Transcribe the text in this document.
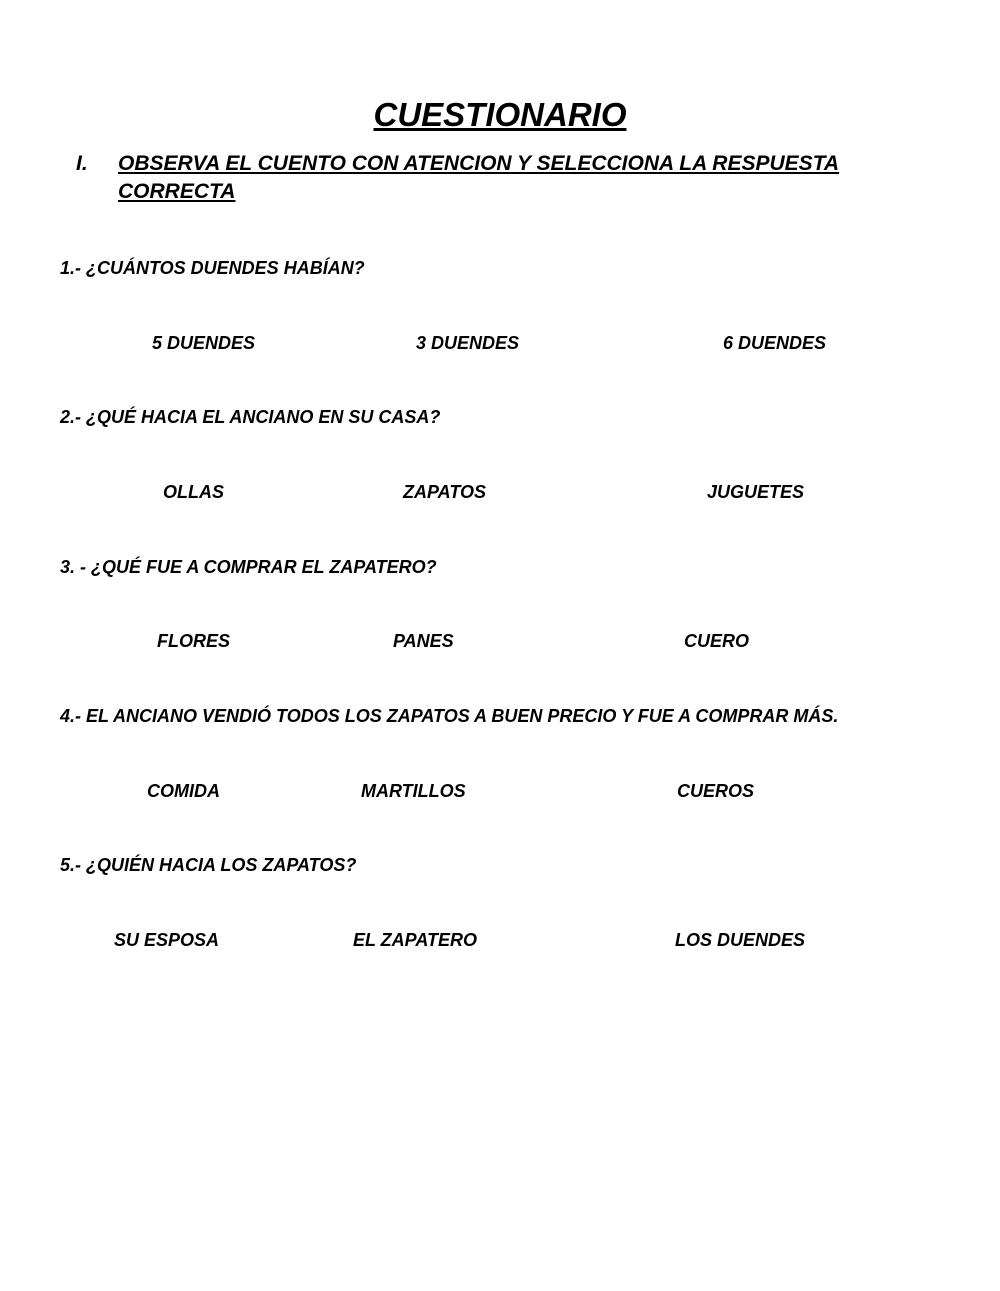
CUESTIONARIO
I. OBSERVA EL CUENTO CON ATENCION Y SELECCIONA LA RESPUESTA CORRECTA
1.- ¿CUÁNTOS DUENDES HABÍAN?
5 DUENDES	3 DUENDES	6 DUENDES
2.- ¿QUÉ HACIA EL ANCIANO EN SU CASA?
OLLAS	ZAPATOS	JUGUETES
3. - ¿QUÉ FUE A COMPRAR EL ZAPATERO?
FLORES	PANES	CUERO
4.- EL ANCIANO VENDIÓ TODOS LOS ZAPATOS A BUEN PRECIO Y FUE A COMPRAR MÁS.
COMIDA	MARTILLOS	CUEROS
5.- ¿QUIÉN HACIA LOS ZAPATOS?
SU ESPOSA	EL ZAPATERO	LOS DUENDES
